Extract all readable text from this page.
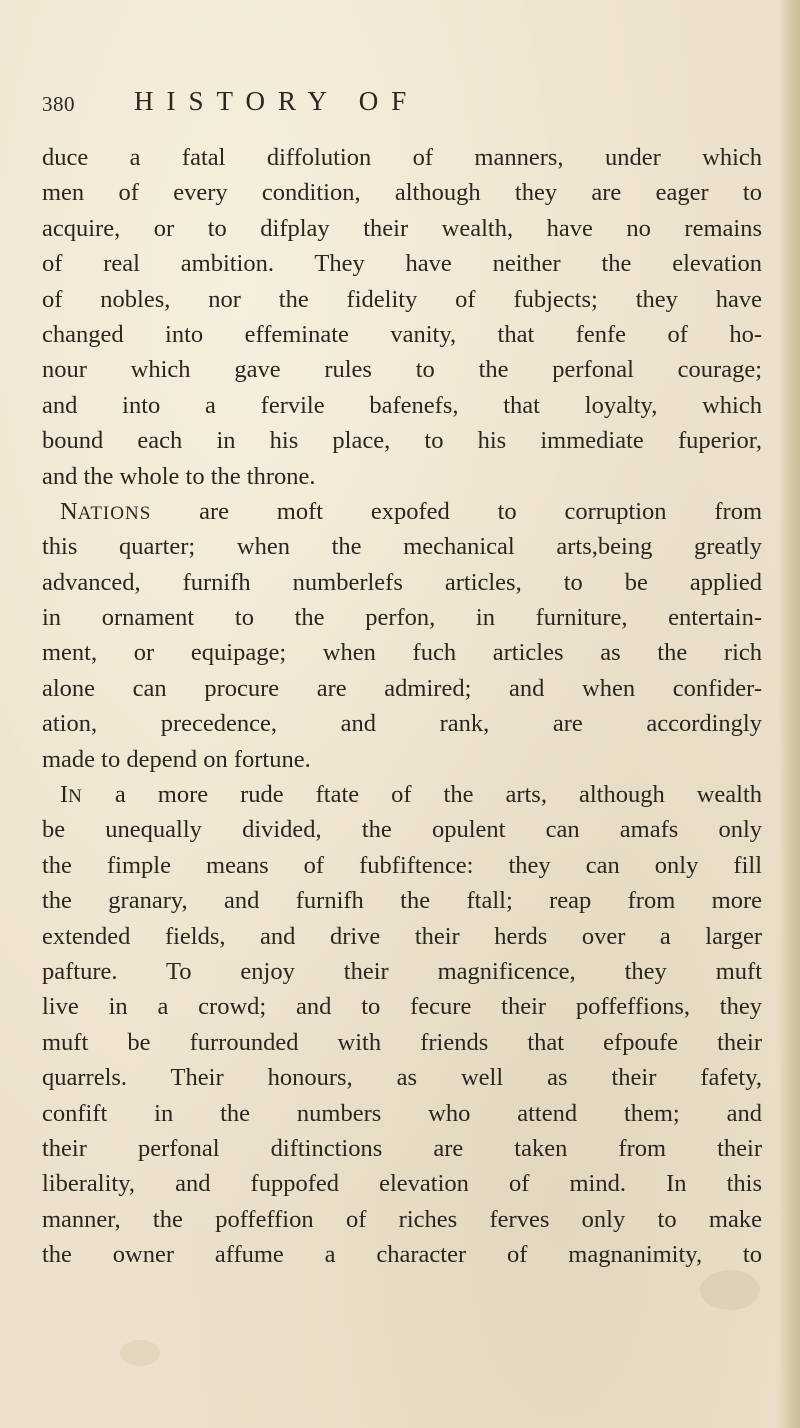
380 HISTORY OF
duce a fatal diffolution of manners, under which
men of every condition, although they are eager to
acquire, or to difplay their wealth, have no remains
of real ambition. They have neither the elevation
of nobles, nor the fidelity of fubjects; they have
changed into effeminate vanity, that fenfe of ho-
nour which gave rules to the perfonal courage;
and into a fervile bafenefs, that loyalty, which
bound each in his place, to his immediate fuperior,
and the whole to the throne.
NATIONS are moft expofed to corruption from
this quarter; when the mechanical arts,being greatly
advanced, furnifh numberlefs articles, to be applied
in ornament to the perfon, in furniture, entertain-
ment, or equipage; when fuch articles as the rich
alone can procure are admired; and when confider-
ation, precedence, and rank, are accordingly
made to depend on fortune.
IN a more rude ftate of the arts, although wealth
be unequally divided, the opulent can amafs only
the fimple means of fubfiftence: they can only fill
the granary, and furnifh the ftall; reap from more
extended fields, and drive their herds over a larger
pafture. To enjoy their magnificence, they muft
live in a crowd; and to fecure their poffeffions, they
muft be furrounded with friends that efpoufe their
quarrels. Their honours, as well as their fafety,
confift in the numbers who attend them; and
their perfonal diftinctions are taken from their
liberality, and fuppofed elevation of mind. In this
manner, the poffeffion of riches ferves only to make
the owner affume a character of magnanimity, to
